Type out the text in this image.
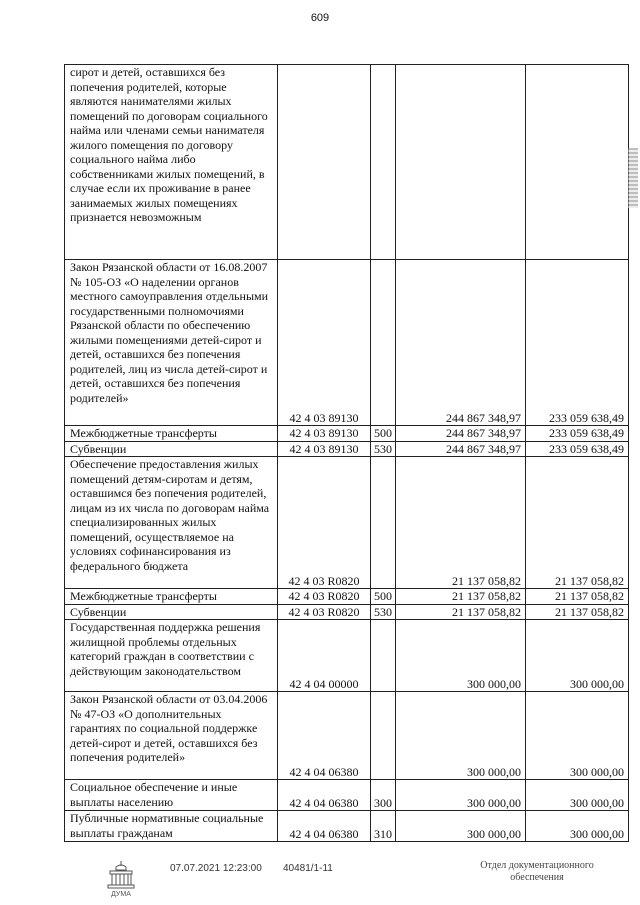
609
сирот и детей, оставшихся без попечения родителей, которые являются нанимателями жилых помещений по договорам социального найма или членами семьи нанимателя жилого помещения по договору социального найма либо собственниками жилых помещений, в случае если их проживание в ранее занимаемых жилых помещениях признается невозможным				
Закон Рязанской области от 16.08.2007 № 105-ОЗ «О наделении органов местного самоуправления отдельными государственными полномочиями Рязанской области по обеспечению жилыми помещениями детей-сирот и детей, оставшихся без попечения родителей, лиц из числа детей-сирот и детей, оставшихся без попечения родителей»	42 4 03 89130		244 867 348,97	233 059 638,49
Межбюджетные трансферты	42 4 03 89130	500	244 867 348,97	233 059 638,49
Субвенции	42 4 03 89130	530	244 867 348,97	233 059 638,49
Обеспечение предоставления жилых помещений детям-сиротам и детям, оставшимся без попечения родителей, лицам из их числа по договорам найма специализированных жилых помещений, осуществляемое на условиях софинансирования из федерального бюджета	42 4 03 R0820		21 137 058,82	21 137 058,82
Межбюджетные трансферты	42 4 03 R0820	500	21 137 058,82	21 137 058,82
Субвенции	42 4 03 R0820	530	21 137 058,82	21 137 058,82
Государственная поддержка решения жилищной проблемы отдельных категорий граждан в соответствии с действующим законодательством	42 4 04 00000		300 000,00	300 000,00
Закон Рязанской области от 03.04.2006 № 47-ОЗ «О дополнительных гарантиях по социальной поддержке детей-сирот и детей, оставшихся без попечения родителей»	42 4 04 06380		300 000,00	300 000,00
Социальное обеспечение и иные выплаты населению	42 4 04 06380	300	300 000,00	300 000,00
Публичные нормативные социальные выплаты гражданам	42 4 04 06380	310	300 000,00	300 000,00
ДУМА
07.07.2021 12:23:00 40481/1-11	Отдел документационного
обеспечения
